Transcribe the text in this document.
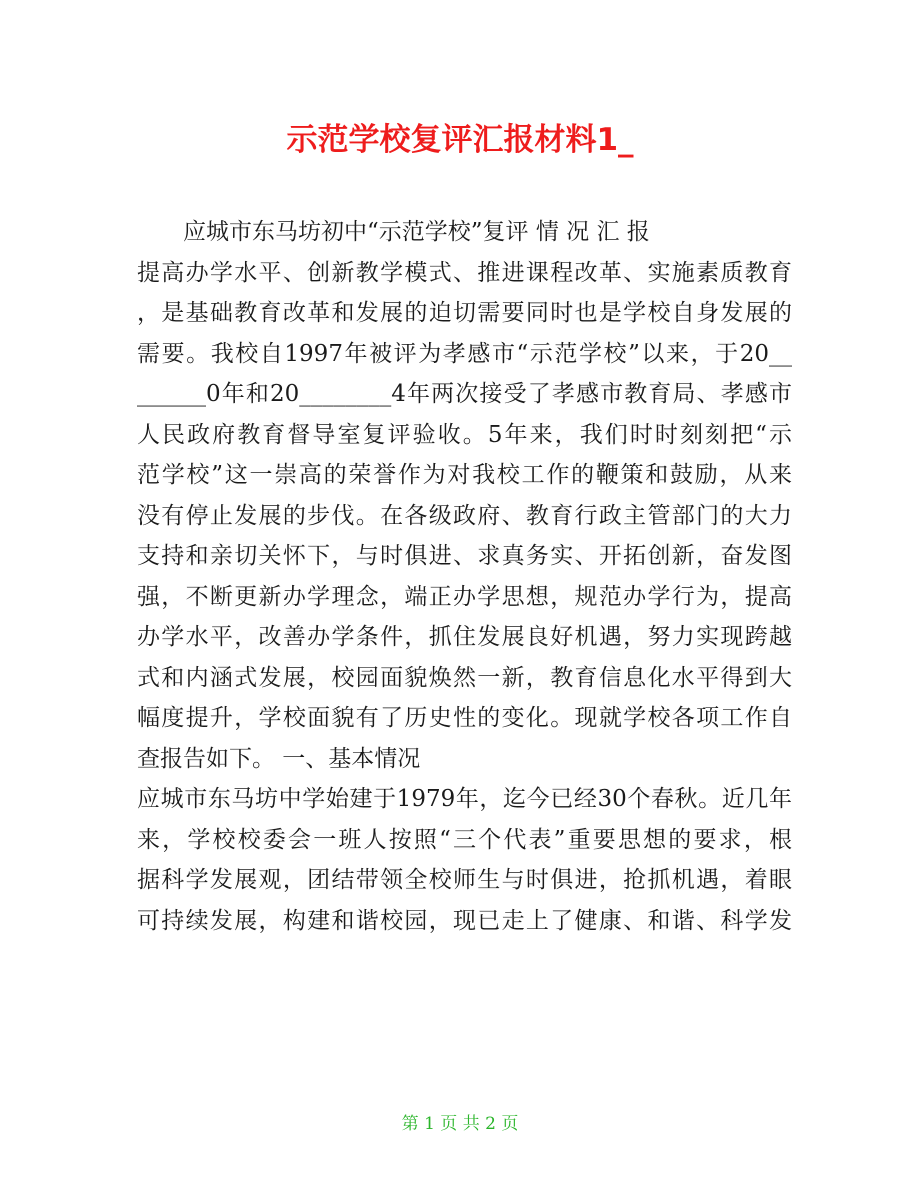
示范学校复评汇报材料1_
应城市东马坊初中“示范学校”复评 情 况 汇 报
提高办学水平、创新教学模式、推进课程改革、实施素质教育
，是基础教育改革和发展的迫切需要同时也是学校自身发展的
需要。我校自1997年被评为孝感市“示范学校”以来，于20__
______0年和20________4年两次接受了孝感市教育局、孝感市
人民政府教育督导室复评验收。5年来，我们时时刻刻把“示
范学校”这一崇高的荣誉作为对我校工作的鞭策和鼓励，从来
没有停止发展的步伐。在各级政府、教育行政主管部门的大力
支持和亲切关怀下，与时俱进、求真务实、开拓创新，奋发图
强，不断更新办学理念，端正办学思想，规范办学行为，提高
办学水平，改善办学条件，抓住发展良好机遇，努力实现跨越
式和内涵式发展，校园面貌焕然一新，教育信息化水平得到大
幅度提升，学校面貌有了历史性的变化。现就学校各项工作自
查报告如下。 一、基本情况
应城市东马坊中学始建于1979年，迄今已经30个春秋。近几年
来，学校校委会一班人按照“三个代表”重要思想的要求，根
据科学发展观，团结带领全校师生与时俱进，抢抓机遇，着眼
可持续发展，构建和谐校园，现已走上了健康、和谐、科学发
第 1 页 共 2 页
